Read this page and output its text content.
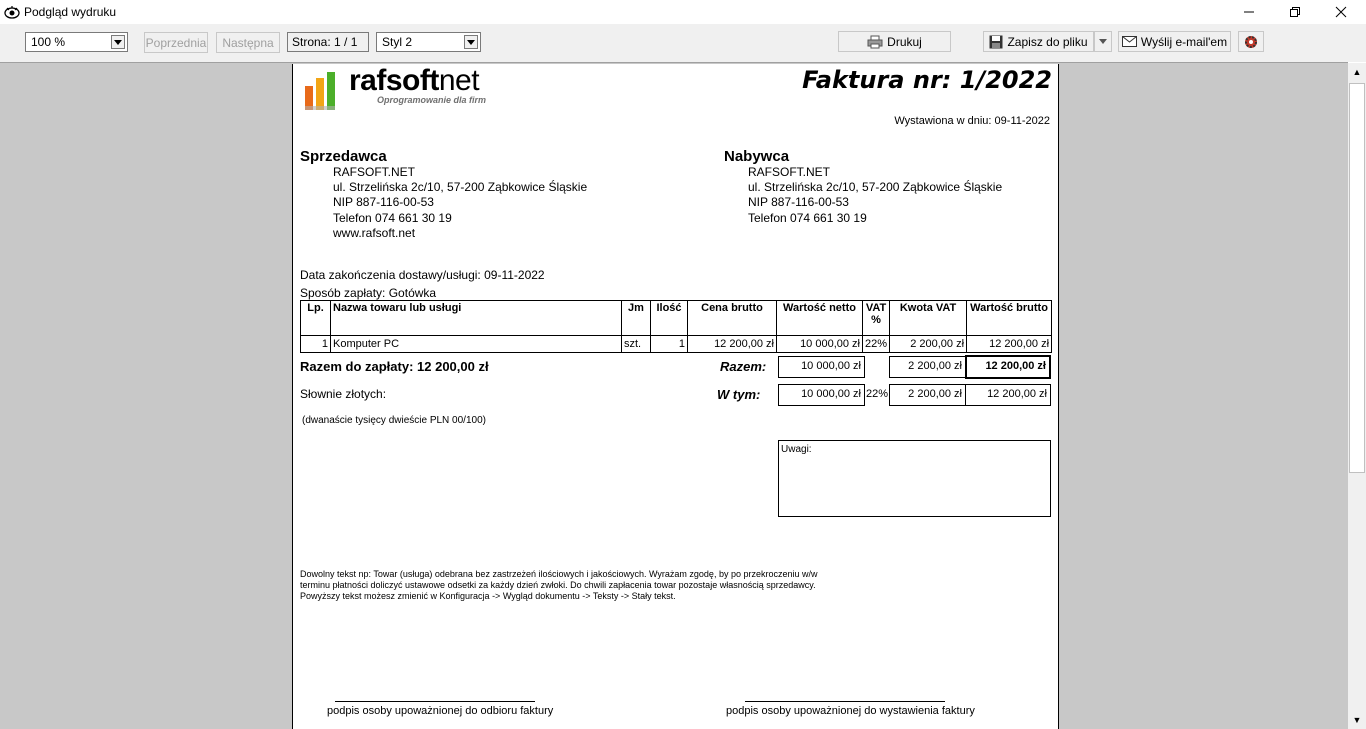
Podgląd wydruku
100 %	Poprzednia Następna	Strona: 1 / 1	Styl 2	Drukuj	Zapisz do pliku	Wyślij e-mail'em
▲
▼
rafsoftnet
Oprogramowanie dla firm
Faktura nr: 1/2022
Wystawiona w dniu: 09-11-2022
Sprzedawca
RAFSOFT.NET
ul. Strzelińska 2c/10, 57-200 Ząbkowice Śląskie
NIP 887-116-00-53
Telefon 074 661 30 19
www.rafsoft.net
Nabywca
RAFSOFT.NET
ul. Strzelińska 2c/10, 57-200 Ząbkowice Śląskie
NIP 887-116-00-53
Telefon 074 661 30 19
Data zakończenia dostawy/usługi: 09-11-2022
Sposób zapłaty: Gotówka
Lp.	Nazwa towaru lub usługi	Jm	Ilość	Cena brutto	Wartość netto	VAT %	Kwota VAT	Wartość brutto
1	Komputer PC	szt.	1	12 200,00 zł	10 000,00 zł	22%	2 200,00 zł	12 200,00 zł
Razem do zapłaty: 12 200,00 zł	Razem:	10 000,00 zł	2 200,00 zł	12 200,00 zł
Słownie złotych:	W tym:	10 000,00 zł 22%	2 200,00 zł	12 200,00 zł
(dwanaście tysięcy dwieście PLN 00/100)
Uwagi:
Dowolny tekst np: Towar (usługa) odebrana bez zastrzeżeń ilościowych i jakościowych. Wyrażam zgodę, by po przekroczeniu w/w
terminu płatności doliczyć ustawowe odsetki za każdy dzień zwłoki. Do chwili zapłacenia towar pozostaje własnością sprzedawcy.
Powyższy tekst możesz zmienić w Konfiguracja -> Wygląd dokumentu -> Teksty -> Stały tekst.
podpis osoby upoważnionej do odbioru faktury	podpis osoby upoważnionej do wystawienia faktury
